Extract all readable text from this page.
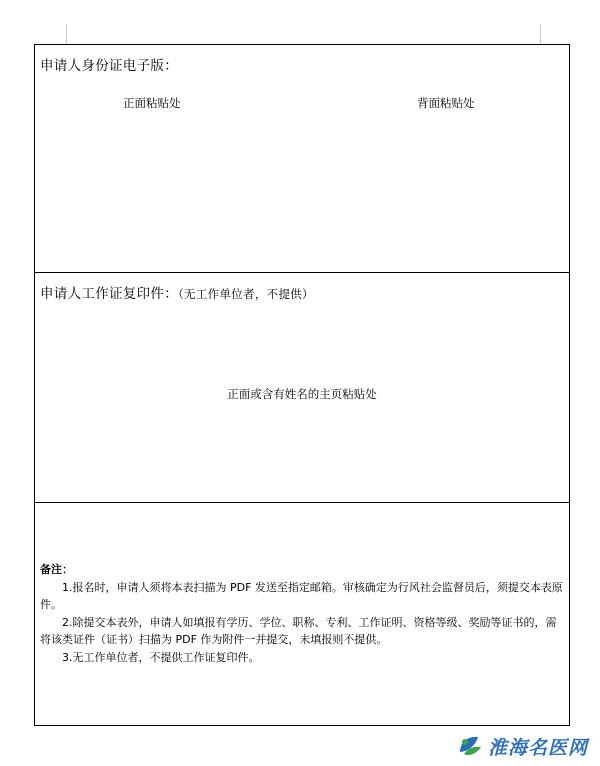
申请人身份证电子版：
正面粘贴处	背面粘贴处
申请人工作证复印件：（无工作单位者，不提供）
正面或含有姓名的主页粘贴处
备注：
1.报名时，申请人须将本表扫描为 PDF 发送至指定邮箱。审核确定为行风社会监督员后，须提交本表原件。
2.除提交本表外，申请人如填报有学历、学位、职称、专利、工作证明、资格等级、奖励等证书的，需将该类证件（证书）扫描为 PDF 作为附件一并提交，未填报则不提供。
3.无工作单位者，不提供工作证复印件。
淮海名医网
